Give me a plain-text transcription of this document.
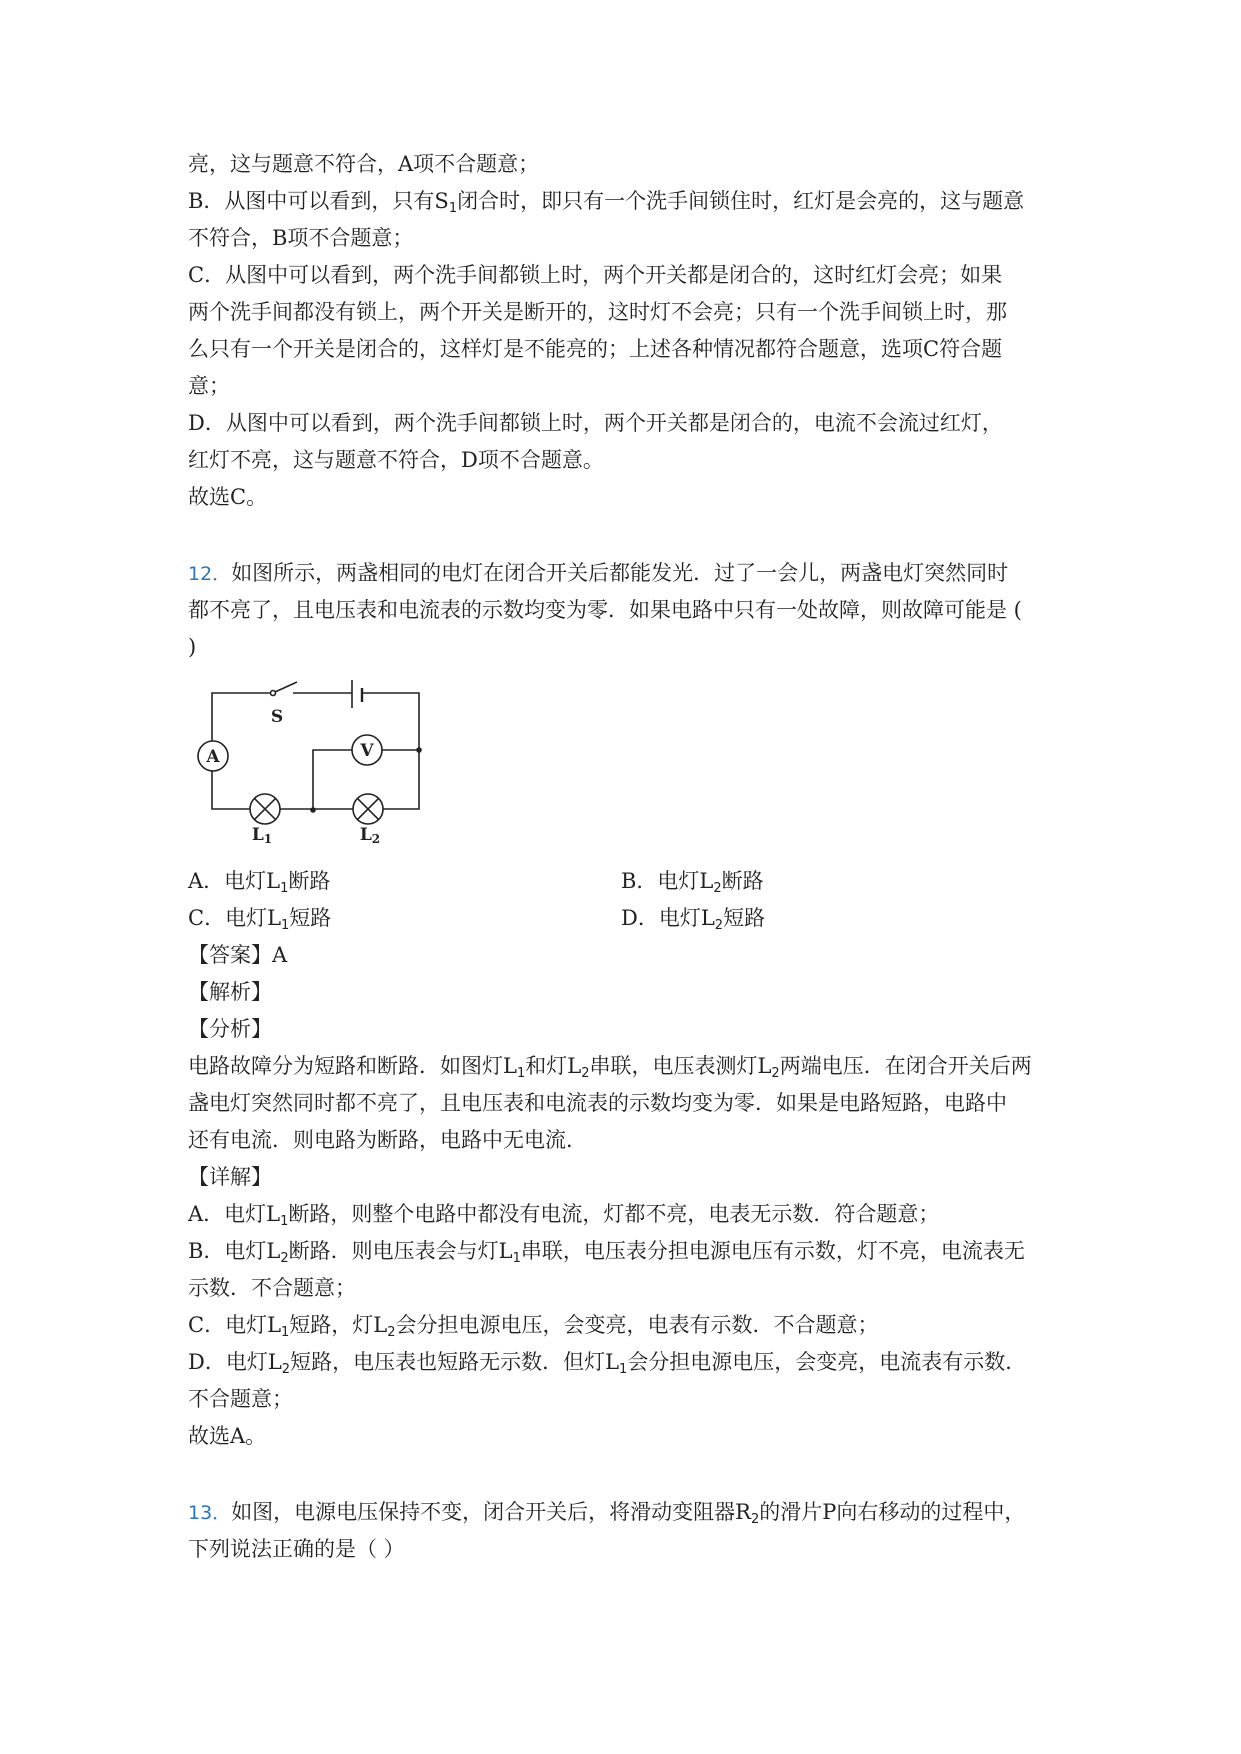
亮，这与题意不符合，A项不合题意；
B．从图中可以看到，只有$S_1$闭合时，即只有一个洗手间锁住时，红灯是会亮的，这与题意
不符合，B项不合题意；
C．从图中可以看到，两个洗手间都锁上时，两个开关都是闭合的，这时红灯会亮；如果
两个洗手间都没有锁上，两个开关是断开的，这时灯不会亮；只有一个洗手间锁上时，那
么只有一个开关是闭合的，这样灯是不能亮的；上述各种情况都符合题意，选项C符合题
意；
D．从图中可以看到，两个洗手间都锁上时，两个开关都是闭合的，电流不会流过红灯，
红灯不亮，这与题意不符合，D项不合题意。
故选C。
12．如图所示，两盏相同的电灯在闭合开关后都能发光．过了一会儿，两盏电灯突然同时
都不亮了，且电压表和电流表的示数均变为零．如果电路中只有一处故障，则故障可能是 (
)
S
A	V
L1	L2
A．电灯$L_1$断路	B．电灯$L_2$断路
C．电灯$L_1$短路	D．电灯$L_2$短路
【答案】A
【解析】
【分析】
电路故障分为短路和断路．如图灯$L_1$和灯$L_2$串联，电压表测灯$L_2$两端电压．在闭合开关后两
盏电灯突然同时都不亮了，且电压表和电流表的示数均变为零．如果是电路短路，电路中
还有电流．则电路为断路，电路中无电流．
【详解】
A．电灯$L_1$断路，则整个电路中都没有电流，灯都不亮，电表无示数．符合题意；
B．电灯$L_2$断路．则电压表会与灯$L_1$串联，电压表分担电源电压有示数，灯不亮，电流表无
示数．不合题意；
C．电灯$L_1$短路，灯$L_2$会分担电源电压，会变亮，电表有示数．不合题意；
D．电灯$L_2$短路，电压表也短路无示数．但灯$L_1$会分担电源电压，会变亮，电流表有示数．
不合题意；
故选A。
13．如图，电源电压保持不变，闭合开关后，将滑动变阻器$R_2$的滑片P向右移动的过程中，
下列说法正确的是（ ）
